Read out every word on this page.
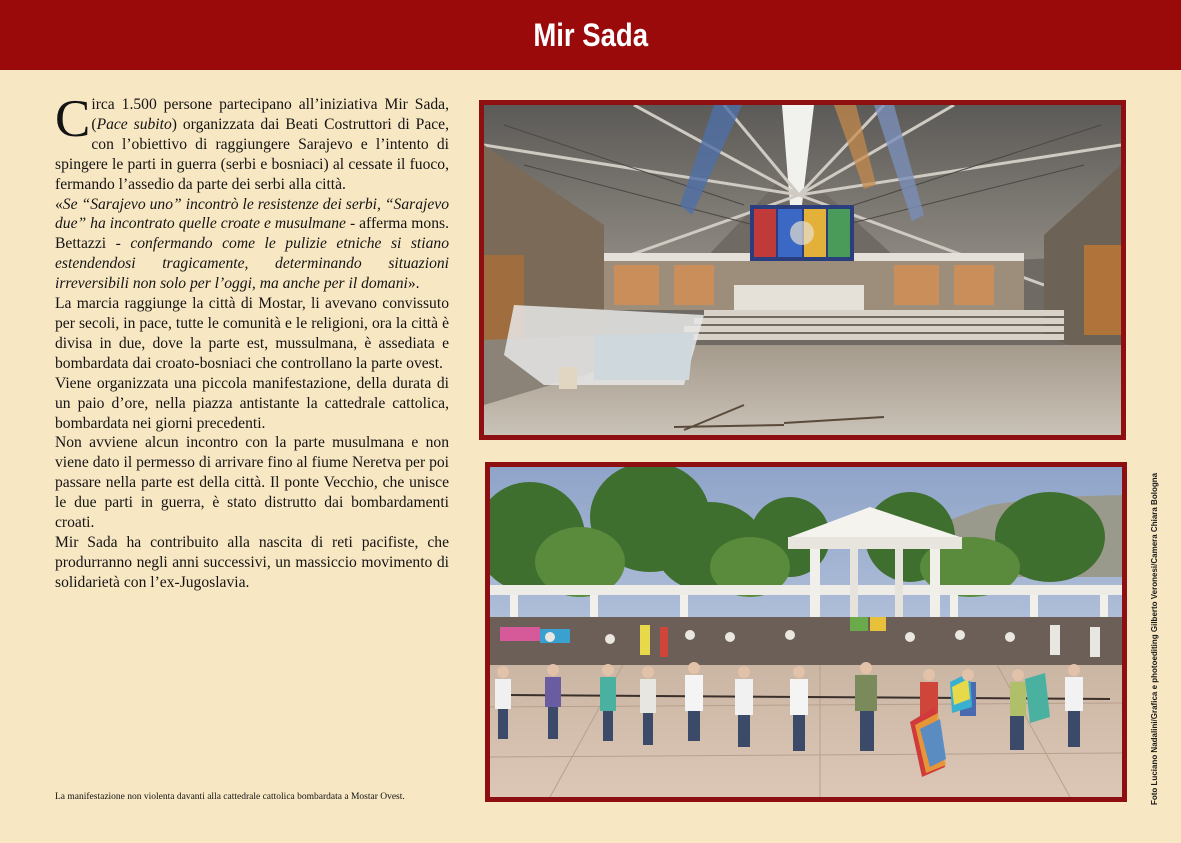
Mir Sada

Circa 1.500 persone partecipano all’iniziativa Mir Sada, (Pace subito) organizzata dai Beati Costruttori di Pace, con l’obiettivo di raggiungere Sarajevo e l’intento di spingere le parti in guerra (serbi e bosniaci) al cessate il fuoco, fermando l’assedio da parte dei serbi alla città.

«Se “Sarajevo uno” incontrò le resistenze dei serbi, “Sarajevo due” ha incontrato quelle croate e musulmane - afferma mons. Bettazzi - confermando come le pulizie etniche si stiano estendendosi tragicamente, determinando situazioni irreversibili non solo per l’oggi, ma anche per il domani».

La marcia raggiunge la città di Mostar, li avevano convissuto per secoli, in pace, tutte le comunità e le religioni, ora la città è divisa in due, dove la parte est, mussulmana, è assediata e bombardata dai croato-bosniaci che controllano la parte ovest.

Viene organizzata una piccola manifestazione, della durata di un paio d’ore, nella piazza antistante la cattedrale cattolica, bombardata nei giorni precedenti.

Non avviene alcun incontro con la parte musulmana e non viene dato il permesso di arrivare fino al fiume Neretva per poi passare nella parte est della città. Il ponte Vecchio, che unisce le due parti in guerra, è stato distrutto dai bombardamenti croati.

Mir Sada ha contribuito alla nascita di reti pacifiste, che produrranno negli anni successivi, un massiccio movimento di solidarietà con l’ex-Jugoslavia.

La manifestazione non violenta davanti alla cattedrale cattolica bombardata a Mostar Ovest.	Foto Luciano Nadalini/Grafica e photoediting Gilberto Veronesi/Camera Chiara Bologna
